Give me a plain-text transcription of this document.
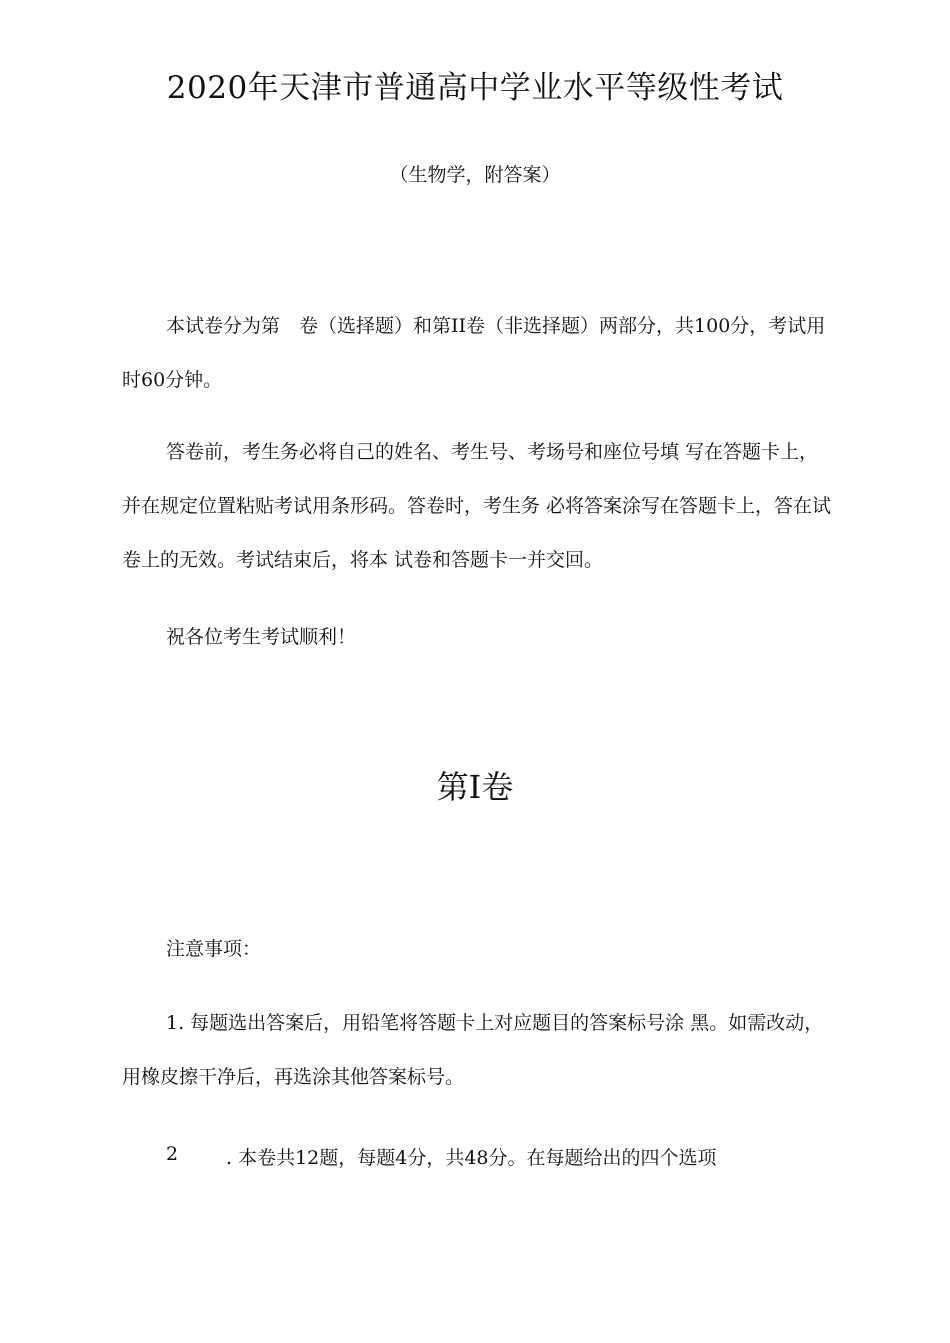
2020年天津市普通高中学业水平等级性考试

（生物学，附答案）

本试卷分为第　卷（选择题）和第II卷（非选择题）两部分，共100分，考试用时60分钟。

答卷前，考生务必将自己的姓名、考生号、考场号和座位号填 写在答题卡上，并在规定位置粘贴考试用条形码。答卷时，考生务 必将答案涂写在答题卡上，答在试卷上的无效。考试结束后，将本 试卷和答题卡一并交回。

祝各位考生考试顺利！

第I卷

注意事项：

1. 每题选出答案后，用铅笔将答题卡上对应题目的答案标号涂 黑。如需改动，用橡皮擦干净后，再选涂其他答案标号。

2	. 本卷共12题，每题4分，共48分。在每题给出的四个选项
